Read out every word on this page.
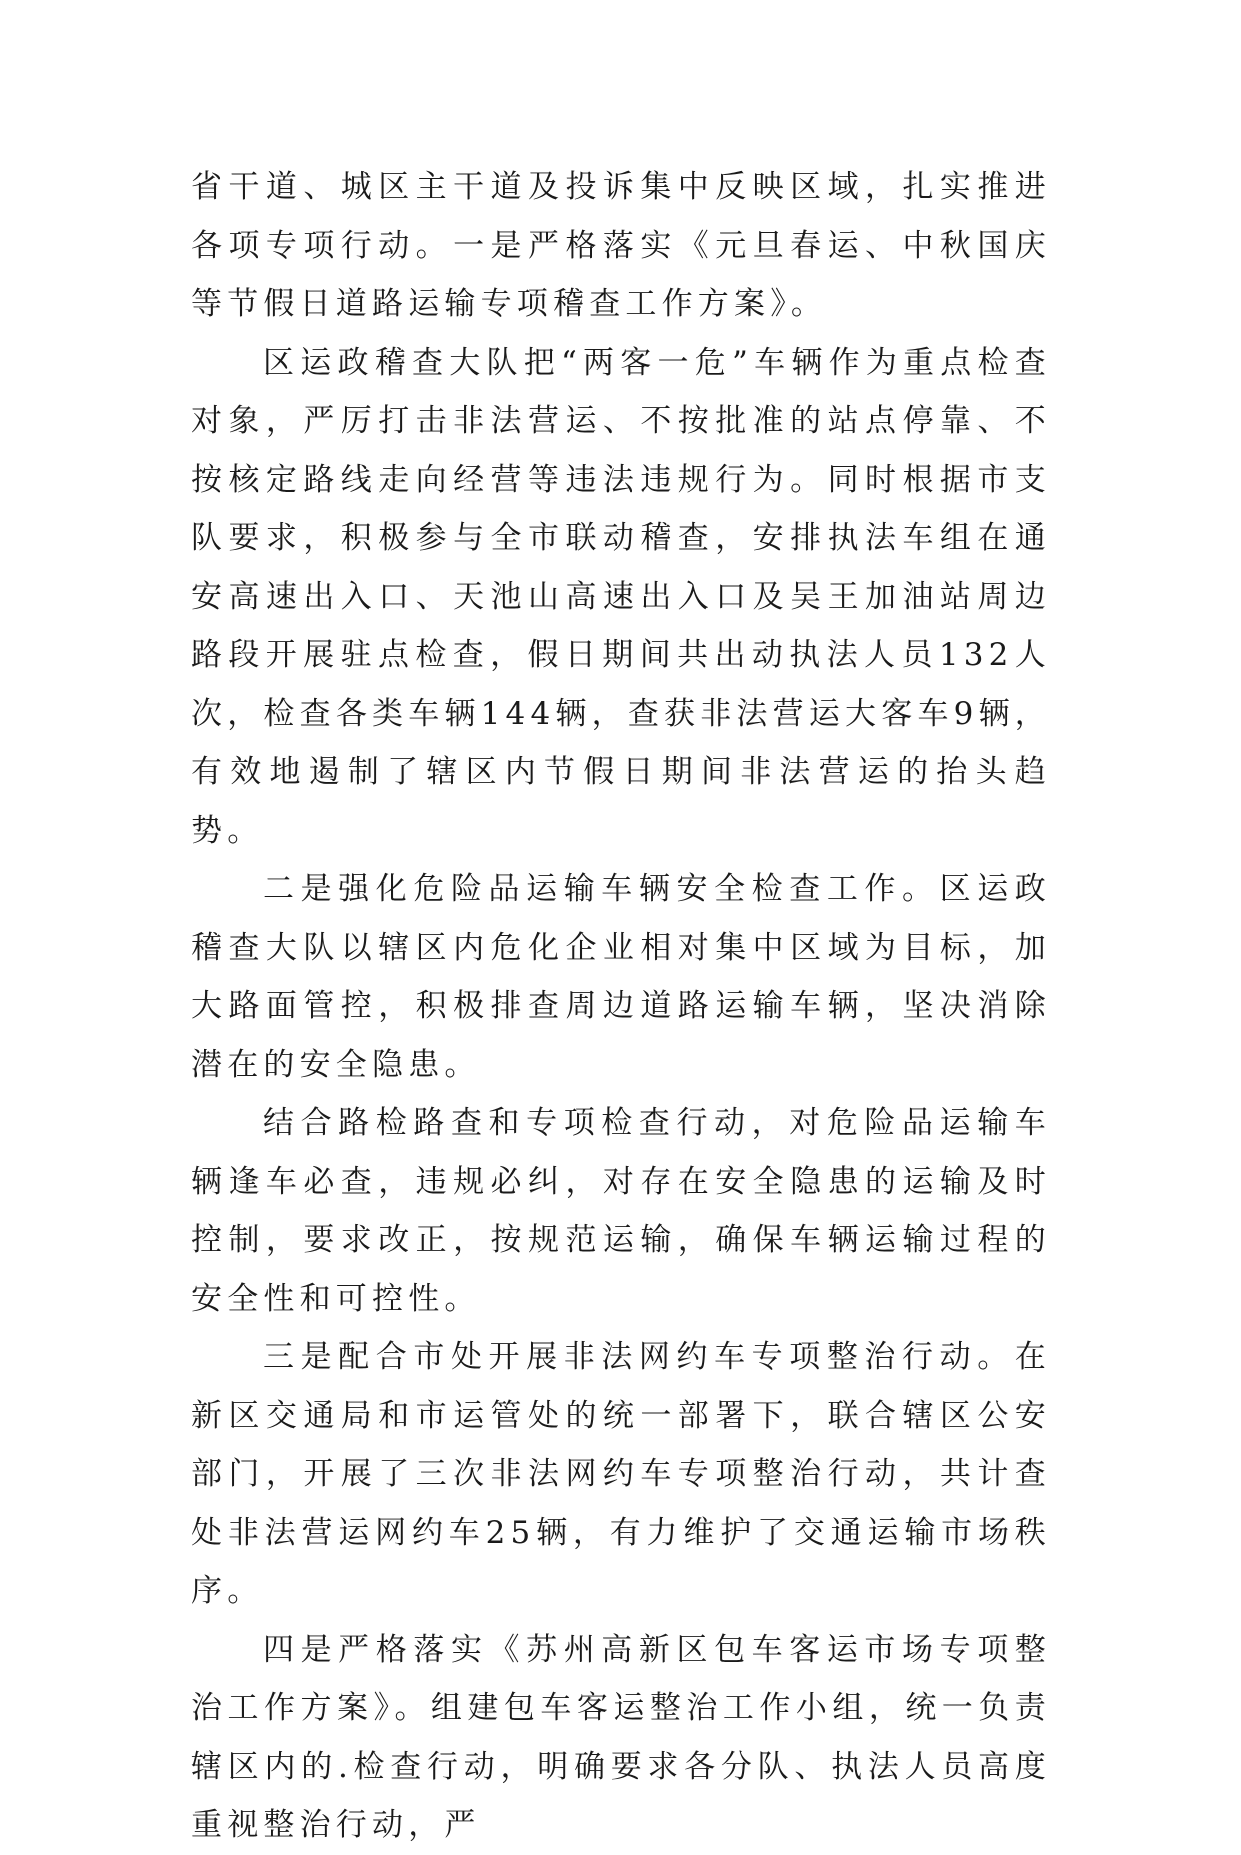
省干道、城区主干道及投诉集中反映区域，扎实推进各项专项行动。一是严格落实《元旦春运、中秋国庆等节假日道路运输专项稽查工作方案》。

区运政稽查大队把“两客一危”车辆作为重点检查对象，严厉打击非法营运、不按批准的站点停靠、不按核定路线走向经营等违法违规行为。同时根据市支队要求，积极参与全市联动稽查，安排执法车组在通安高速出入口、天池山高速出入口及吴王加油站周边路段开展驻点检查，假日期间共出动执法人员132人次，检查各类车辆144辆，查获非法营运大客车9辆，有效地遏制了辖区内节假日期间非法营运的抬头趋势。

二是强化危险品运输车辆安全检查工作。区运政稽查大队以辖区内危化企业相对集中区域为目标，加大路面管控，积极排查周边道路运输车辆，坚决消除潜在的安全隐患。

结合路检路查和专项检查行动，对危险品运输车辆逢车必查，违规必纠，对存在安全隐患的运输及时控制，要求改正，按规范运输，确保车辆运输过程的安全性和可控性。

三是配合市处开展非法网约车专项整治行动。在新区交通局和市运管处的统一部署下，联合辖区公安部门，开展了三次非法网约车专项整治行动，共计查处非法营运网约车25辆，有力维护了交通运输市场秩序。

四是严格落实《苏州高新区包车客运市场专项整治工作方案》。组建包车客运整治工作小组，统一负责辖区内的.检查行动，明确要求各分队、执法人员高度重视整治行动，严
